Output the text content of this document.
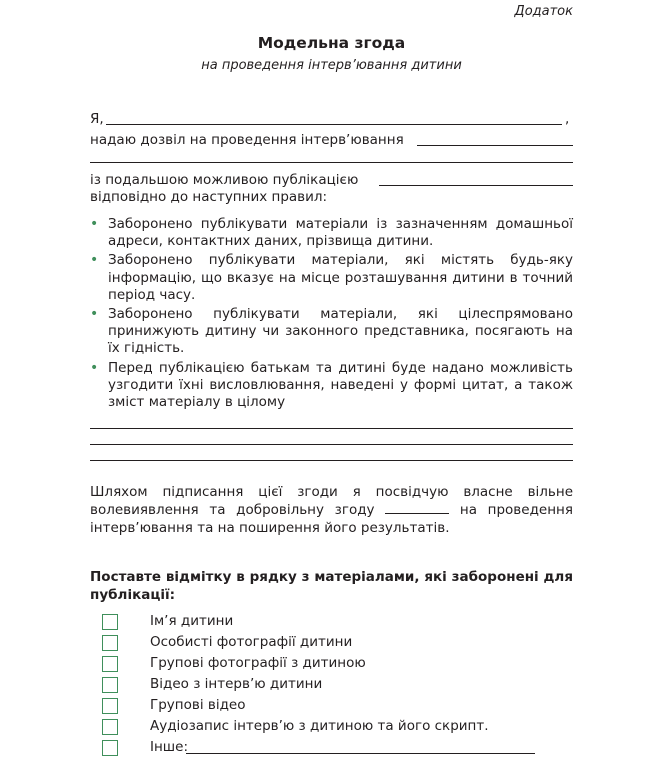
Додаток
Модельна згода
на проведення інтерв’ювання дитини
Я,	,
надаю дозвіл на проведення інтерв’ювання
із подальшою можливою публікацією
відповідно до наступних правил:
• Заборонено публікувати матеріали із зазначенням домашньої адреси, контактних даних, прізвища дитини.
• Заборонено публікувати матеріали, які містять будь-яку інформацію, що вказує на місце розташування дитини в точний період часу.
• Заборонено публікувати матеріали, які цілеспрямовано принижують дитину чи законного представника, посягають на їх гідність.
• Перед публікацією батькам та дитині буде надано можливість узгодити їхні висловлювання, наведені у формі цитат, а також зміст матеріалу в цілому
Шляхом підписання цієї згоди я посвідчую власне вільне волевиявлення та добровільну згоду	на проведення інтерв’ювання та на поширення його результатів.
Поставте відмітку в рядку з матеріалами, які заборонені для публікації:
Ім’я дитини
Особисті фотографії дитини
Групові фотографії з дитиною
Відео з інтерв’ю дитини
Групові відео
Аудіозапис інтерв’ю з дитиною та його скрипт.
Інше:
